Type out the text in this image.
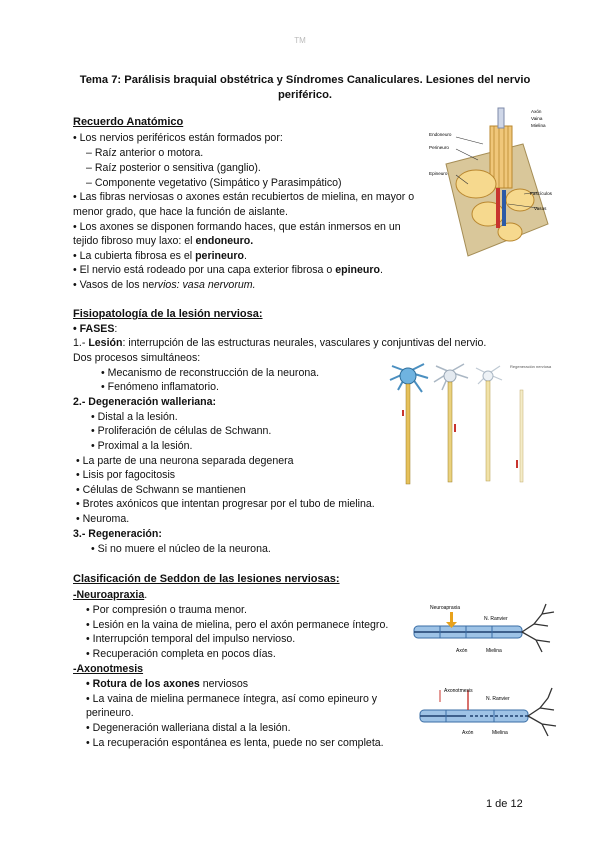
TM
Tema 7: Parálisis braquial obstétrica y Síndromes Canaliculares. Lesiones del nervio
periférico.
Recuerdo Anatómico
• Los nervios periféricos están formados por:
– Raíz anterior o motora.
– Raíz posterior o sensitiva (ganglio).
– Componente vegetativo (Simpático y Parasimpático)
• Las fibras nerviosas o axones están recubiertos de mielina, en mayor o
menor grado, que hace la función de aislante.
• Los axones se disponen formando haces, que están inmersos en un
tejido fibroso muy laxo: el endoneuro.
• La cubierta fibrosa es el perineuro.
• El nervio está rodeado por una capa exterior fibrosa o epineuro.
• Vasos de los nervios: vasa nervorum.
Axón
Vaina
Mielina
Endoneuro
Perineuro
Epineuro
Fascículos
Vasos
Fisiopatología de la lesión nerviosa:
• FASES:
1.- Lesión: interrupción de las estructuras neurales, vasculares y conjuntivas del nervio.
Dos procesos simultáneos:
• Mecanismo de reconstrucción de la neurona.
• Fenómeno inflamatorio.
2.- Degeneración walleriana:
• Distal a la lesión.
• Proliferación de células de Schwann.
• Proximal a la lesión.
• La parte de una neurona separada degenera
• Lisis por fagocitosis
• Células de Schwann se mantienen
• Brotes axónicos que intentan progresar por el tubo de mielina.
• Neuroma.
3.- Regeneración:
• Si no muere el núcleo de la neurona.
Regeneración nerviosa
Clasificación de Seddon de las lesiones nerviosas:
-Neuroapraxia.
• Por compresión o trauma menor.
• Lesión en la vaina de mielina, pero el axón permanece íntegro.
• Interrupción temporal del impulso nervioso.
• Recuperación completa en pocos días.
-Axonotmesis
• Rotura de los axones nerviosos
• La vaina de mielina permanece íntegra, así como epineuro y
perineuro.
• Degeneración walleriana distal a la lesión.
• La recuperación espontánea es lenta, puede no ser completa.
Neuroapraxia
N. Ranvier
Axón	Mielina
Axonotmesis
N. Ranvier
Axón	Mielina
1 de 12
